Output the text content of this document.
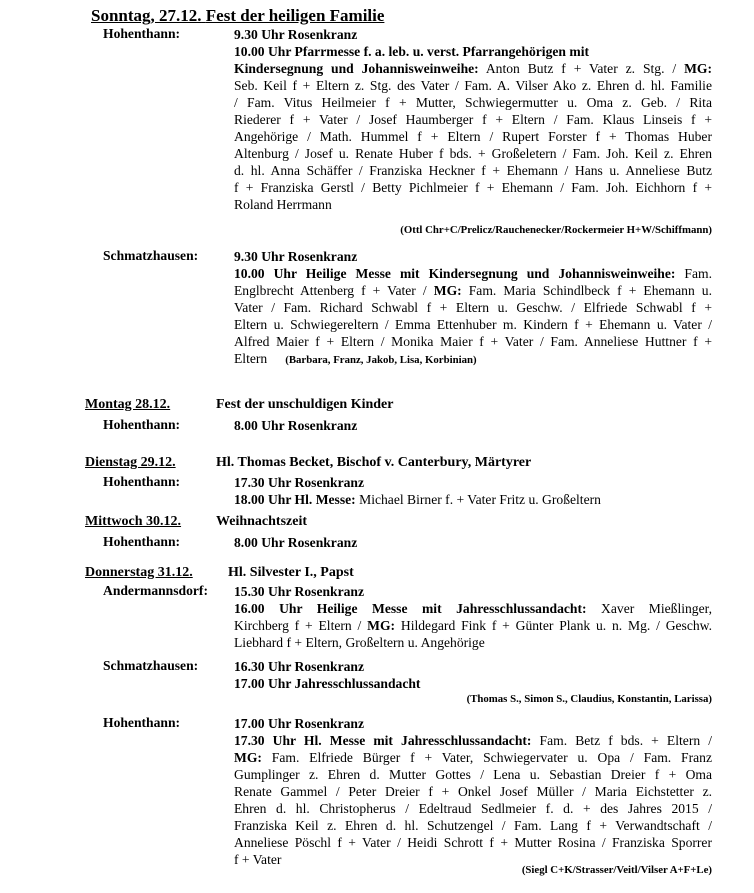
Sonntag, 27.12. Fest der heiligen Familie
Hohenthann:	9.30 Uhr Rosenkranz
10.00 Uhr Pfarrmesse f. a. leb. u. verst. Pfarrangehörigen mit
Kindersegnung und Johannisweinweihe: Anton Butz f + Vater z. Stg. / MG:
Seb. Keil f + Eltern z. Stg. des Vater / Fam. A. Vilser Ako z. Ehren d. hl. Familie
/ Fam. Vitus Heilmeier f + Mutter, Schwiegermutter u. Oma z. Geb. / Rita
Riederer f + Vater / Josef Haumberger f + Eltern / Fam. Klaus Linseis f +
Angehörige / Math. Hummel f + Eltern / Rupert Forster f + Thomas Huber
Altenburg / Josef u. Renate Huber f bds. + Großeletern / Fam. Joh. Keil z. Ehren
d. hl. Anna Schäffer / Franziska Heckner f + Ehemann / Hans u. Anneliese Butz
f + Franziska Gerstl / Betty Pichlmeier f + Ehemann / Fam. Joh. Eichhorn f +
Roland Herrmann
(Ottl Chr+C/Prelicz/Rauchenecker/Rockermeier H+W/Schiffmann)
Schmatzhausen:	9.30 Uhr Rosenkranz
10.00 Uhr Heilige Messe mit Kindersegnung und Johannisweinweihe: Fam.
Englbrecht Attenberg f + Vater / MG: Fam. Maria Schindlbeck f + Ehemann u.
Vater / Fam. Richard Schwabl f + Eltern u. Geschw. / Elfriede Schwabl f +
Eltern u. Schwiegereltern / Emma Ettenhuber m. Kindern f + Ehemann u. Vater /
Alfred Maier f + Eltern / Monika Maier f + Vater / Fam. Anneliese Huttner f +
Eltern (Barbara, Franz, Jakob, Lisa, Korbinian)
Montag 28.12.	Fest der unschuldigen Kinder
Hohenthann:	8.00 Uhr Rosenkranz
Dienstag 29.12.	Hl. Thomas Becket, Bischof v. Canterbury, Märtyrer
Hohenthann:	17.30 Uhr Rosenkranz
18.00 Uhr Hl. Messe: Michael Birner f. + Vater Fritz u. Großeltern
Mittwoch 30.12. Weihnachtszeit
Hohenthann:	8.00 Uhr Rosenkranz
Donnerstag 31.12.	Hl. Silvester I., Papst
Andermannsdorf: 15.30 Uhr Rosenkranz
16.00 Uhr Heilige Messe mit Jahresschlussandacht: Xaver Mießlinger,
Kirchberg f + Eltern / MG: Hildegard Fink f + Günter Plank u. n. Mg. / Geschw.
Liebhard f + Eltern, Großeltern u. Angehörige
Schmatzhausen:	16.30 Uhr Rosenkranz
17.00 Uhr Jahresschlussandacht
(Thomas S., Simon S., Claudius, Konstantin, Larissa)
Hohenthann:	17.00 Uhr Rosenkranz
17.30 Uhr Hl. Messe mit Jahresschlussandacht: Fam. Betz f bds. + Eltern /
MG: Fam. Elfriede Bürger f + Vater, Schwiegervater u. Opa / Fam. Franz
Gumplinger z. Ehren d. Mutter Gottes / Lena u. Sebastian Dreier f + Oma
Renate Gammel / Peter Dreier f + Onkel Josef Müller / Maria Eichstetter z.
Ehren d. hl. Christopherus / Edeltraud Sedlmeier f. d. + des Jahres 2015 /
Franziska Keil z. Ehren d. hl. Schutzengel / Fam. Lang f + Verwandtschaft /
Anneliese Pöschl f + Vater / Heidi Schrott f + Mutter Rosina / Franziska Sporrer
f + Vater
(Siegl C+K/Strasser/Veitl/Vilser A+F+Le)
